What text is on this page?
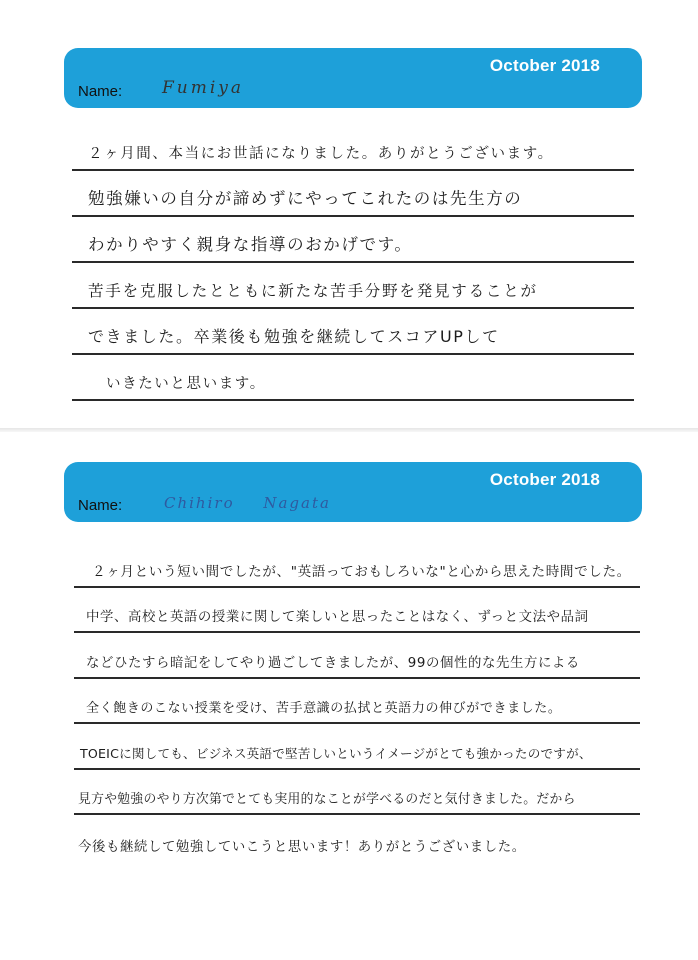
October 2018
Name: Fumiya
２ヶ月間、本当にお世話になりました。ありがとうございます。
勉強嫌いの自分が諦めずにやってこれたのは先生方の
わかりやすく親身な指導のおかげです。
苦手を克服したとともに新たな苦手分野を発見することが
できました。卒業後も勉強を継続してスコアUPして
いきたいと思います。
October 2018
Name:	Chihiro Nagata
２ヶ月という短い間でしたが、"英語っておもしろいな"と心から思えた時間でした。
中学、高校と英語の授業に関して楽しいと思ったことはなく、ずっと文法や品詞
などひたすら暗記をしてやり過ごしてきましたが、99の個性的な先生方による
全く飽きのこない授業を受け、苦手意識の払拭と英語力の伸びができました。
TOEICに関しても、ビジネス英語で堅苦しいというイメージがとても強かったのですが、
見方や勉強のやり方次第でとても実用的なことが学べるのだと気付きました。だから
今後も継続して勉強していこうと思います！ありがとうございました。
